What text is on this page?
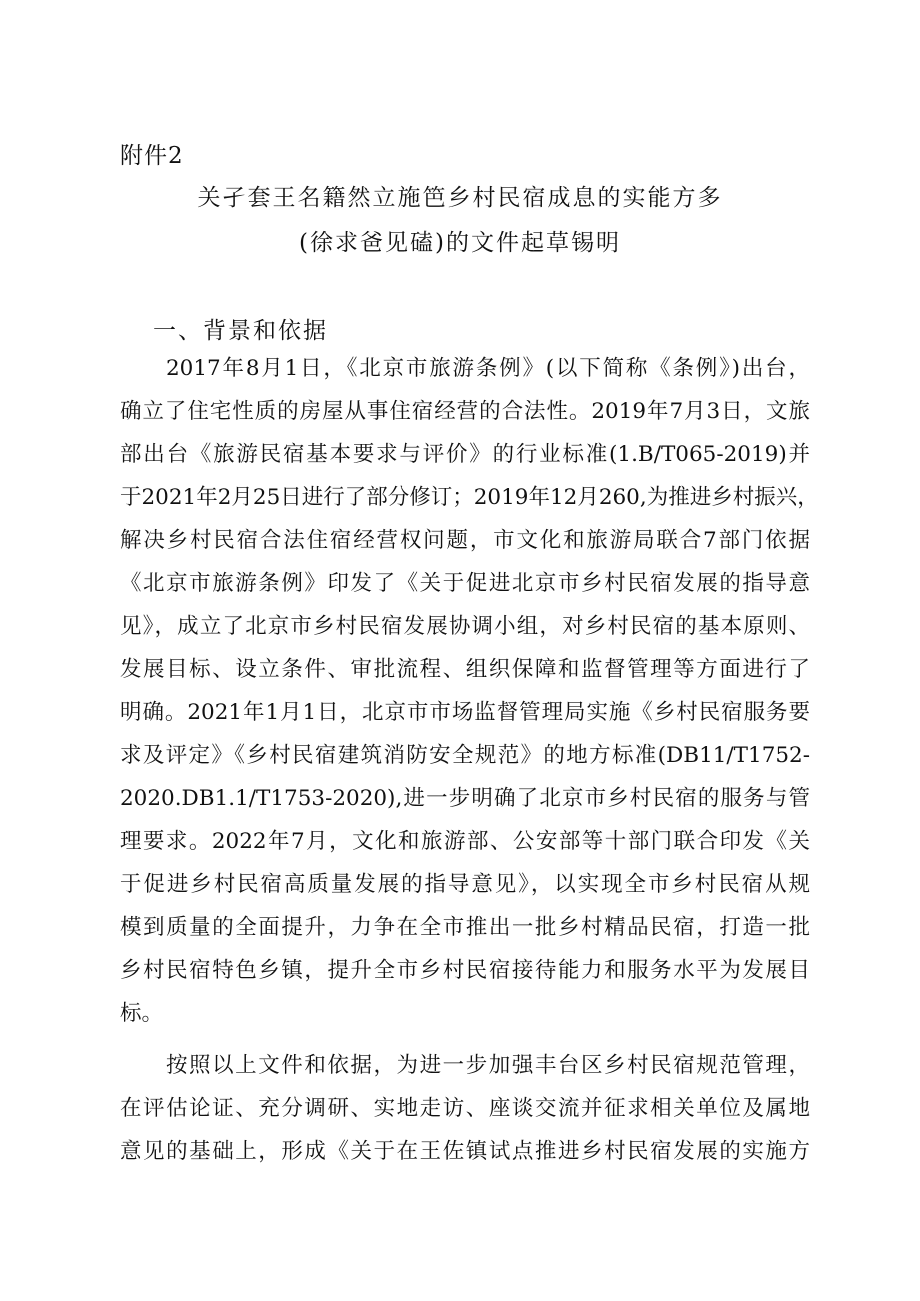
附件2
关孑套王名籍然立施笆乡村民宿成息的实能方多
(徐求爸见磕)的文件起草锡明
一、背景和依据
2017年8月1日，《北京市旅游条例》(以下简称《条例》)出台，
确立了住宅性质的房屋从事住宿经营的合法性。2019年7月3日，文旅
部出台《旅游民宿基本要求与评价》的行业标准(1.B/T065-2019)并
于2021年2月25日进行了部分修订；2019年12月260,为推进乡村振兴，
解决乡村民宿合法住宿经营权问题，市文化和旅游局联合7部门依据
《北京市旅游条例》印发了《关于促进北京市乡村民宿发展的指导意
见》，成立了北京市乡村民宿发展协调小组，对乡村民宿的基本原则、
发展目标、设立条件、审批流程、组织保障和监督管理等方面进行了
明确。2021年1月1日，北京市市场监督管理局实施《乡村民宿服务要
求及评定》《乡村民宿建筑消防安全规范》的地方标准(DB11/T1752-
2020.DB1.1/T1753-2020),进一步明确了北京市乡村民宿的服务与管
理要求。2022年7月，文化和旅游部、公安部等十部门联合印发《关
于促进乡村民宿高质量发展的指导意见》，以实现全市乡村民宿从规
模到质量的全面提升，力争在全市推出一批乡村精品民宿，打造一批
乡村民宿特色乡镇，提升全市乡村民宿接待能力和服务水平为发展目
标。
按照以上文件和依据，为进一步加强丰台区乡村民宿规范管理，
在评估论证、充分调研、实地走访、座谈交流并征求相关单位及属地
意见的基础上，形成《关于在王佐镇试点推进乡村民宿发展的实施方
